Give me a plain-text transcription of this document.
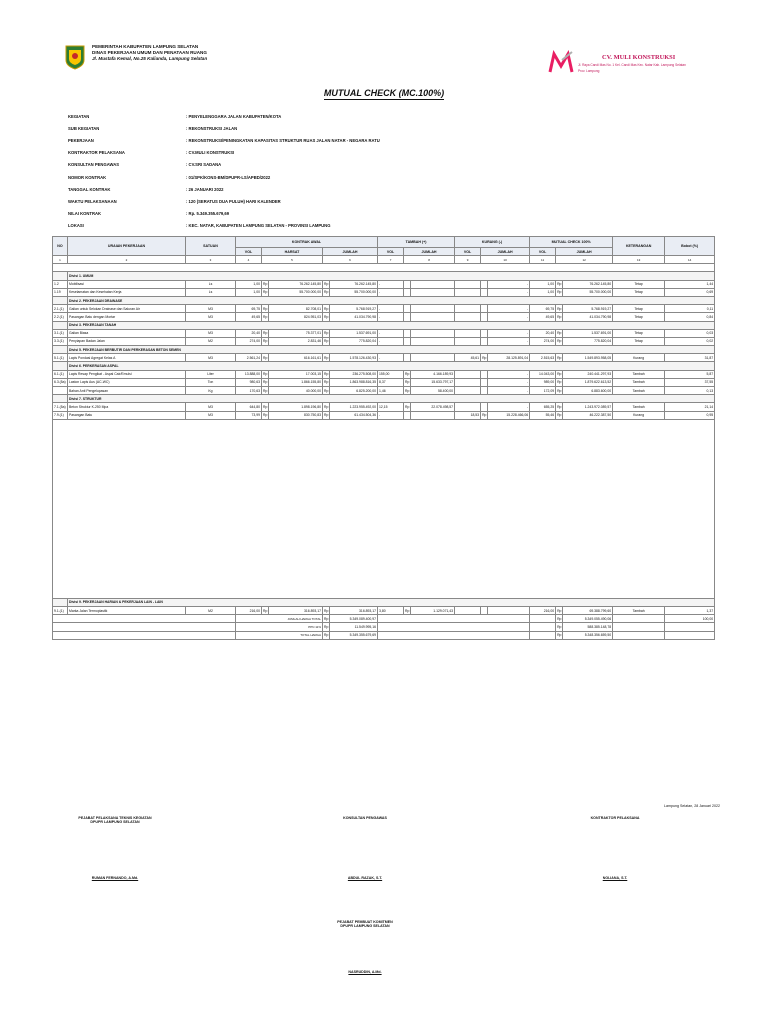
PEMERINTAH KABUPATEN LAMPUNG SELATAN
DINAS PEKERJAAN UMUM DAN PENATAAN RUANG
Jl. Mustafa Kemal, No.25 Kalianda, Lampung Selatan	CV. MULI KONSTRUKSI
Jl. Raya Candi Mas No. 1 Kel. Candi Mas Kec. Natar Kab. Lampung Selatan
Prov. Lampung
MUTUAL CHECK (MC.100%)
KEGIATAN	: PENYELENGGARA JALAN KABUPATEN/KOTA
SUB KEGIATAN	: REKONSTRUKSI JALAN
PEKERJAAN	: REKONSTRUKSI/PENINGKATAN KAPASITAS STRUKTUR RUAS JALAN NATAR - NEGARA RATU
KONTRAKTOR PELAKSANA	: CV.MULI KONSTRUKSI
KONSULTAN PENGAWAS	: CV.SRI SADANA
NOMOR KONTRAK	: 01/SPK/KONS-BM/DPUPR-LS/APBD/2022
TANGGAL KONTRAK	: 26 JANUARI 2022
WAKTU PELAKSANAAN	: 120 (SERATUS DUA PULUH) HARI KALENDER
NILAI KONTRAK	: Rp. 5.349.355.679,69
LOKASI	: KEC. NATAR, KABUPATEN LAMPUNG SELATAN - PROVINSI LAMPUNG
NO	URAIAN PEKERJAAN	SATUAN	KONTRAK AWAL					TAMBAH (+)			KURANG (-)			MUTUAL CHECK 100%			KETERANGAN	Bobot (%)
			VOL	HARSAT		JUMLAH		VOL	JUMLAH		VOL	JUMLAH		VOL	JUMLAH			
1	2	3	4	5		6		7	8		9	10		11	12		13	14

	Divisi 1. UMUM																	
1.2	Mobilisasi	Ls	1,00	Rp	76.262.145,80	Rp	76.262.145,80	-					-	1,00	Rp	76.262.145,80	Tetap	1,44
1.19	Keselamatan dan Kesehatan Kerja	Ls	1,00	Rp	55.700.000,00	Rp	55.700.000,00	-					-	1,00	Rp	55.700.000,00	Tetap	0,69
	Divisi 2. PEKERJAAN DRAINASE																	
2.1.(1)	Galian untuk Selokan Drainase dan Saluran Air	M3	69,75	Rp	82.708,01	Rp	5.768.919,27	-					-	69,75	Rp	5.768.919,27	Tetap	0,11
2.2.(1)	Pasangan Batu dengan Mortar	M3	49,65	Rp	824.951,03	Rp	41.034.790,98	-					-	49,65	Rp	41.034.790,98	Tetap	0,84
	Divisi 3. PEKERJAAN TANAH																	
3.1.(1)	Galian Biasa	M3	20,40	Rp	75.377,01	Rp	1.537.691,00	-					-	20,40	Rp	1.537.691,00	Tetap	0,03
3.3.(1)	Penyiapan Badan Jalan	M2	274,00	Rp	2.831,46	Rp	775.820,04	-					-	274,00	Rp	775.820,04	Tetap	0,02
	Divisi 5. PEKERJAAN BERBUTIR DAN PERKERASAN BETON SEMEN																	
5.1.(1)	Lapis Pondasi Agregat Kelas A	M3	2.561,24	Rp	616.161,61	Rp	1.578.126.430,93	-			45,61	Rp	28.125.891,04	2.515,63	Rp	1.549.893.958,05	Kurang	31,87
	Divisi 6. PERKERASAN ASPAL																	
6.1.(1)	Lapis Resap Pengikat - Aspal Cair/Emulsi	Liter	13.888,00	Rp	17.003,15	Rp	236.275.508,00	155,00	Rp	4.166.189,93			-	14.043,00	Rp	240.441.297,93	Tambah	5,87
6.3.(5a)	Laston Lapis Aus (AC-WC)	Ton	980,63	Rp	1.866.155,80	Rp	1.863.988.816,35	8,37	Rp	15.633.797,17			-	989,00	Rp	1.879.622.613,52	Tambah	37,55
	Bahan Anti Pengelupasan	Kg	170,63	Rp	40.000,00	Rp	6.825.200,00	1,46	Rp	58.400,00			-	172,09	Rp	6.883.600,00	Tambah	0,13
	Divisi 7. STRUKTUR																	
7.1.(5a)	Beton Struktur K-250 Mpa	M3	644,80	Rp	1.898.196,80	Rp	1.223.955.492,00	12,15	Rp	22.078.498,57			-	655,25	Rp	1.243.972.089,57	Tambah	21,14
7.9.(1)	Pasangan Batu	M3	73,99	Rp	830.750,83	Rp	61.434.504,36	-			18,53	Rp	15.228.466,06	55,46	Rp	46.222.387,50	Kurang	0,95

	Divisi 9. PEKERJAAN HARIAN & PEKERJAAN LAIN - LAIN																	
9.1.(1)	Marka Jalan Termoplastik	M2	216,00	Rp	316.893,17	Rp	316.893,17	3,80	Rp	1.129.071,43				216,00	Rp	69.388.799,60	Tambah	1,37
			JUMLAH HARGA TOTAL			Rp	5.349.089.400,97								Rp	5.349.055.490,06		100,00
			PPN 11%			Rp	11.549.995,16								Rp	588.385.148,78		
			TOTAL HARGA			Rp	5.349.355.679,69								Rp	5.348.356.659,50		
Lampung Selatan, 28 Januari 2022
PEJABAT PELAKSANA TEKNIS KEGIATAN
DPUPR LAMPUNG SELATAN
RUMAN FERNANDO, A.Md.
KONSULTAN PENGAWAS
ABDUL RAZAK, S.T.
KONTRAKTOR PELAKSANA
NOLIANA, S.T.
PEJABAT PEMBUAT KOMITMEN
DPUPR LAMPUNG SELATAN
NASRUDDIN, A.Md.
